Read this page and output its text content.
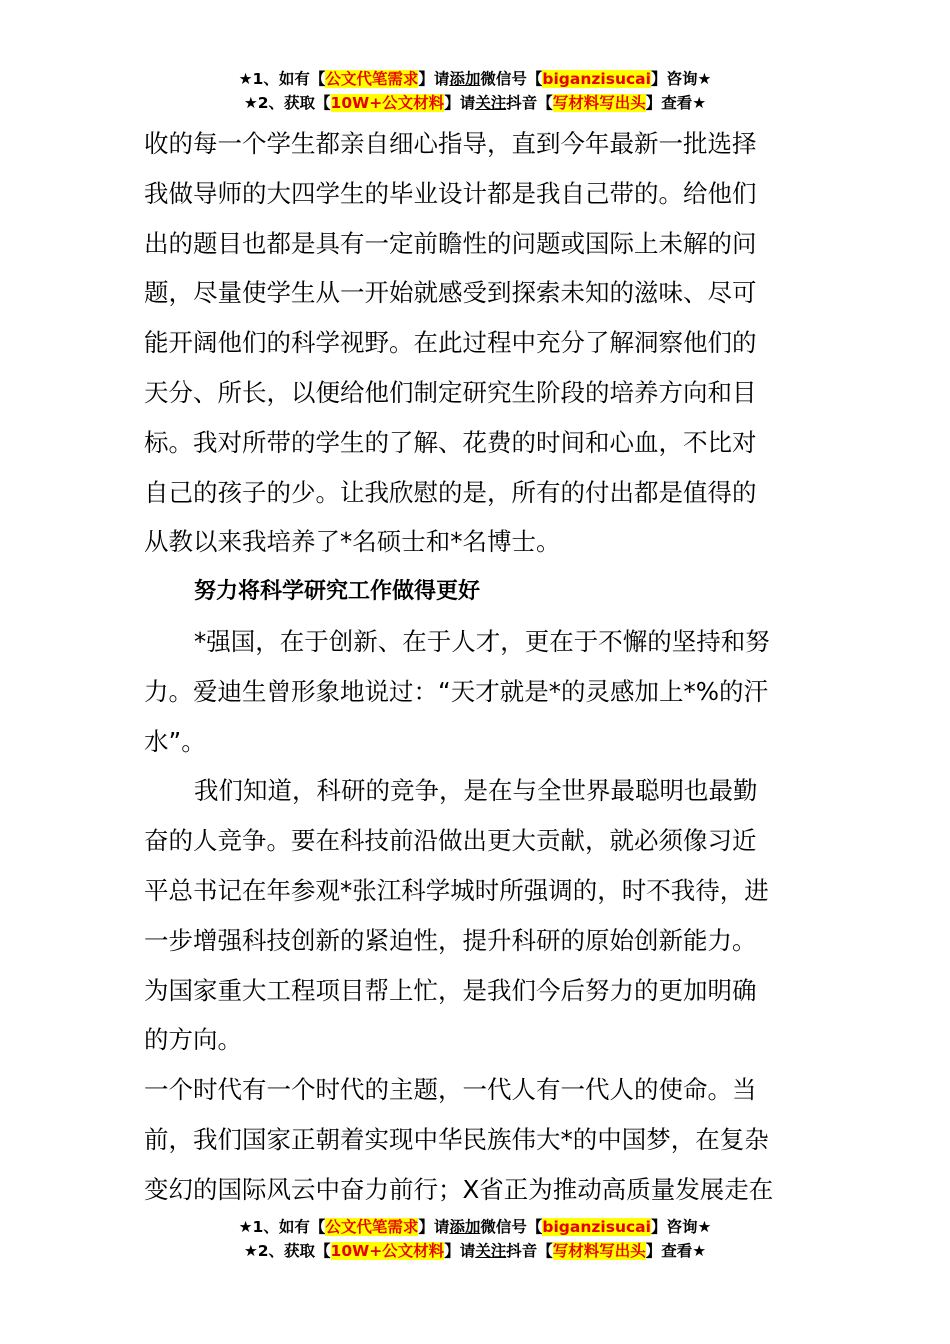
★1、如有【公文代笔需求】请添加微信号【biganzisucai】咨询★
★2、获取【10W+公文材料】请关注抖音【写材料写出头】查看★
收的每一个学生都亲自细心指导，直到今年最新一批选择
我做导师的大四学生的毕业设计都是我自己带的。给他们
出的题目也都是具有一定前瞻性的问题或国际上未解的问
题，尽量使学生从一开始就感受到探索未知的滋味、尽可
能开阔他们的科学视野。在此过程中充分了解洞察他们的
天分、所长，以便给他们制定研究生阶段的培养方向和目
标。我对所带的学生的了解、花费的时间和心血，不比对
自己的孩子的少。让我欣慰的是，所有的付出都是值得的
从教以来我培养了*名硕士和*名博士。
努力将科学研究工作做得更好
*强国，在于创新、在于人才，更在于不懈的坚持和努
力。爱迪生曾形象地说过：“天才就是*的灵感加上*%的汗
水”。
我们知道，科研的竞争，是在与全世界最聪明也最勤
奋的人竞争。要在科技前沿做出更大贡献，就必须像习近
平总书记在年参观*张江科学城时所强调的，时不我待，进
一步增强科技创新的紧迫性，提升科研的原始创新能力。
为国家重大工程项目帮上忙，是我们今后努力的更加明确
的方向。
一个时代有一个时代的主题，一代人有一代人的使命。当
前，我们国家正朝着实现中华民族伟大*的中国梦，在复杂
变幻的国际风云中奋力前行；X省正为推动高质量发展走在
★1、如有【公文代笔需求】请添加微信号【biganzisucai】咨询★
★2、获取【10W+公文材料】请关注抖音【写材料写出头】查看★
